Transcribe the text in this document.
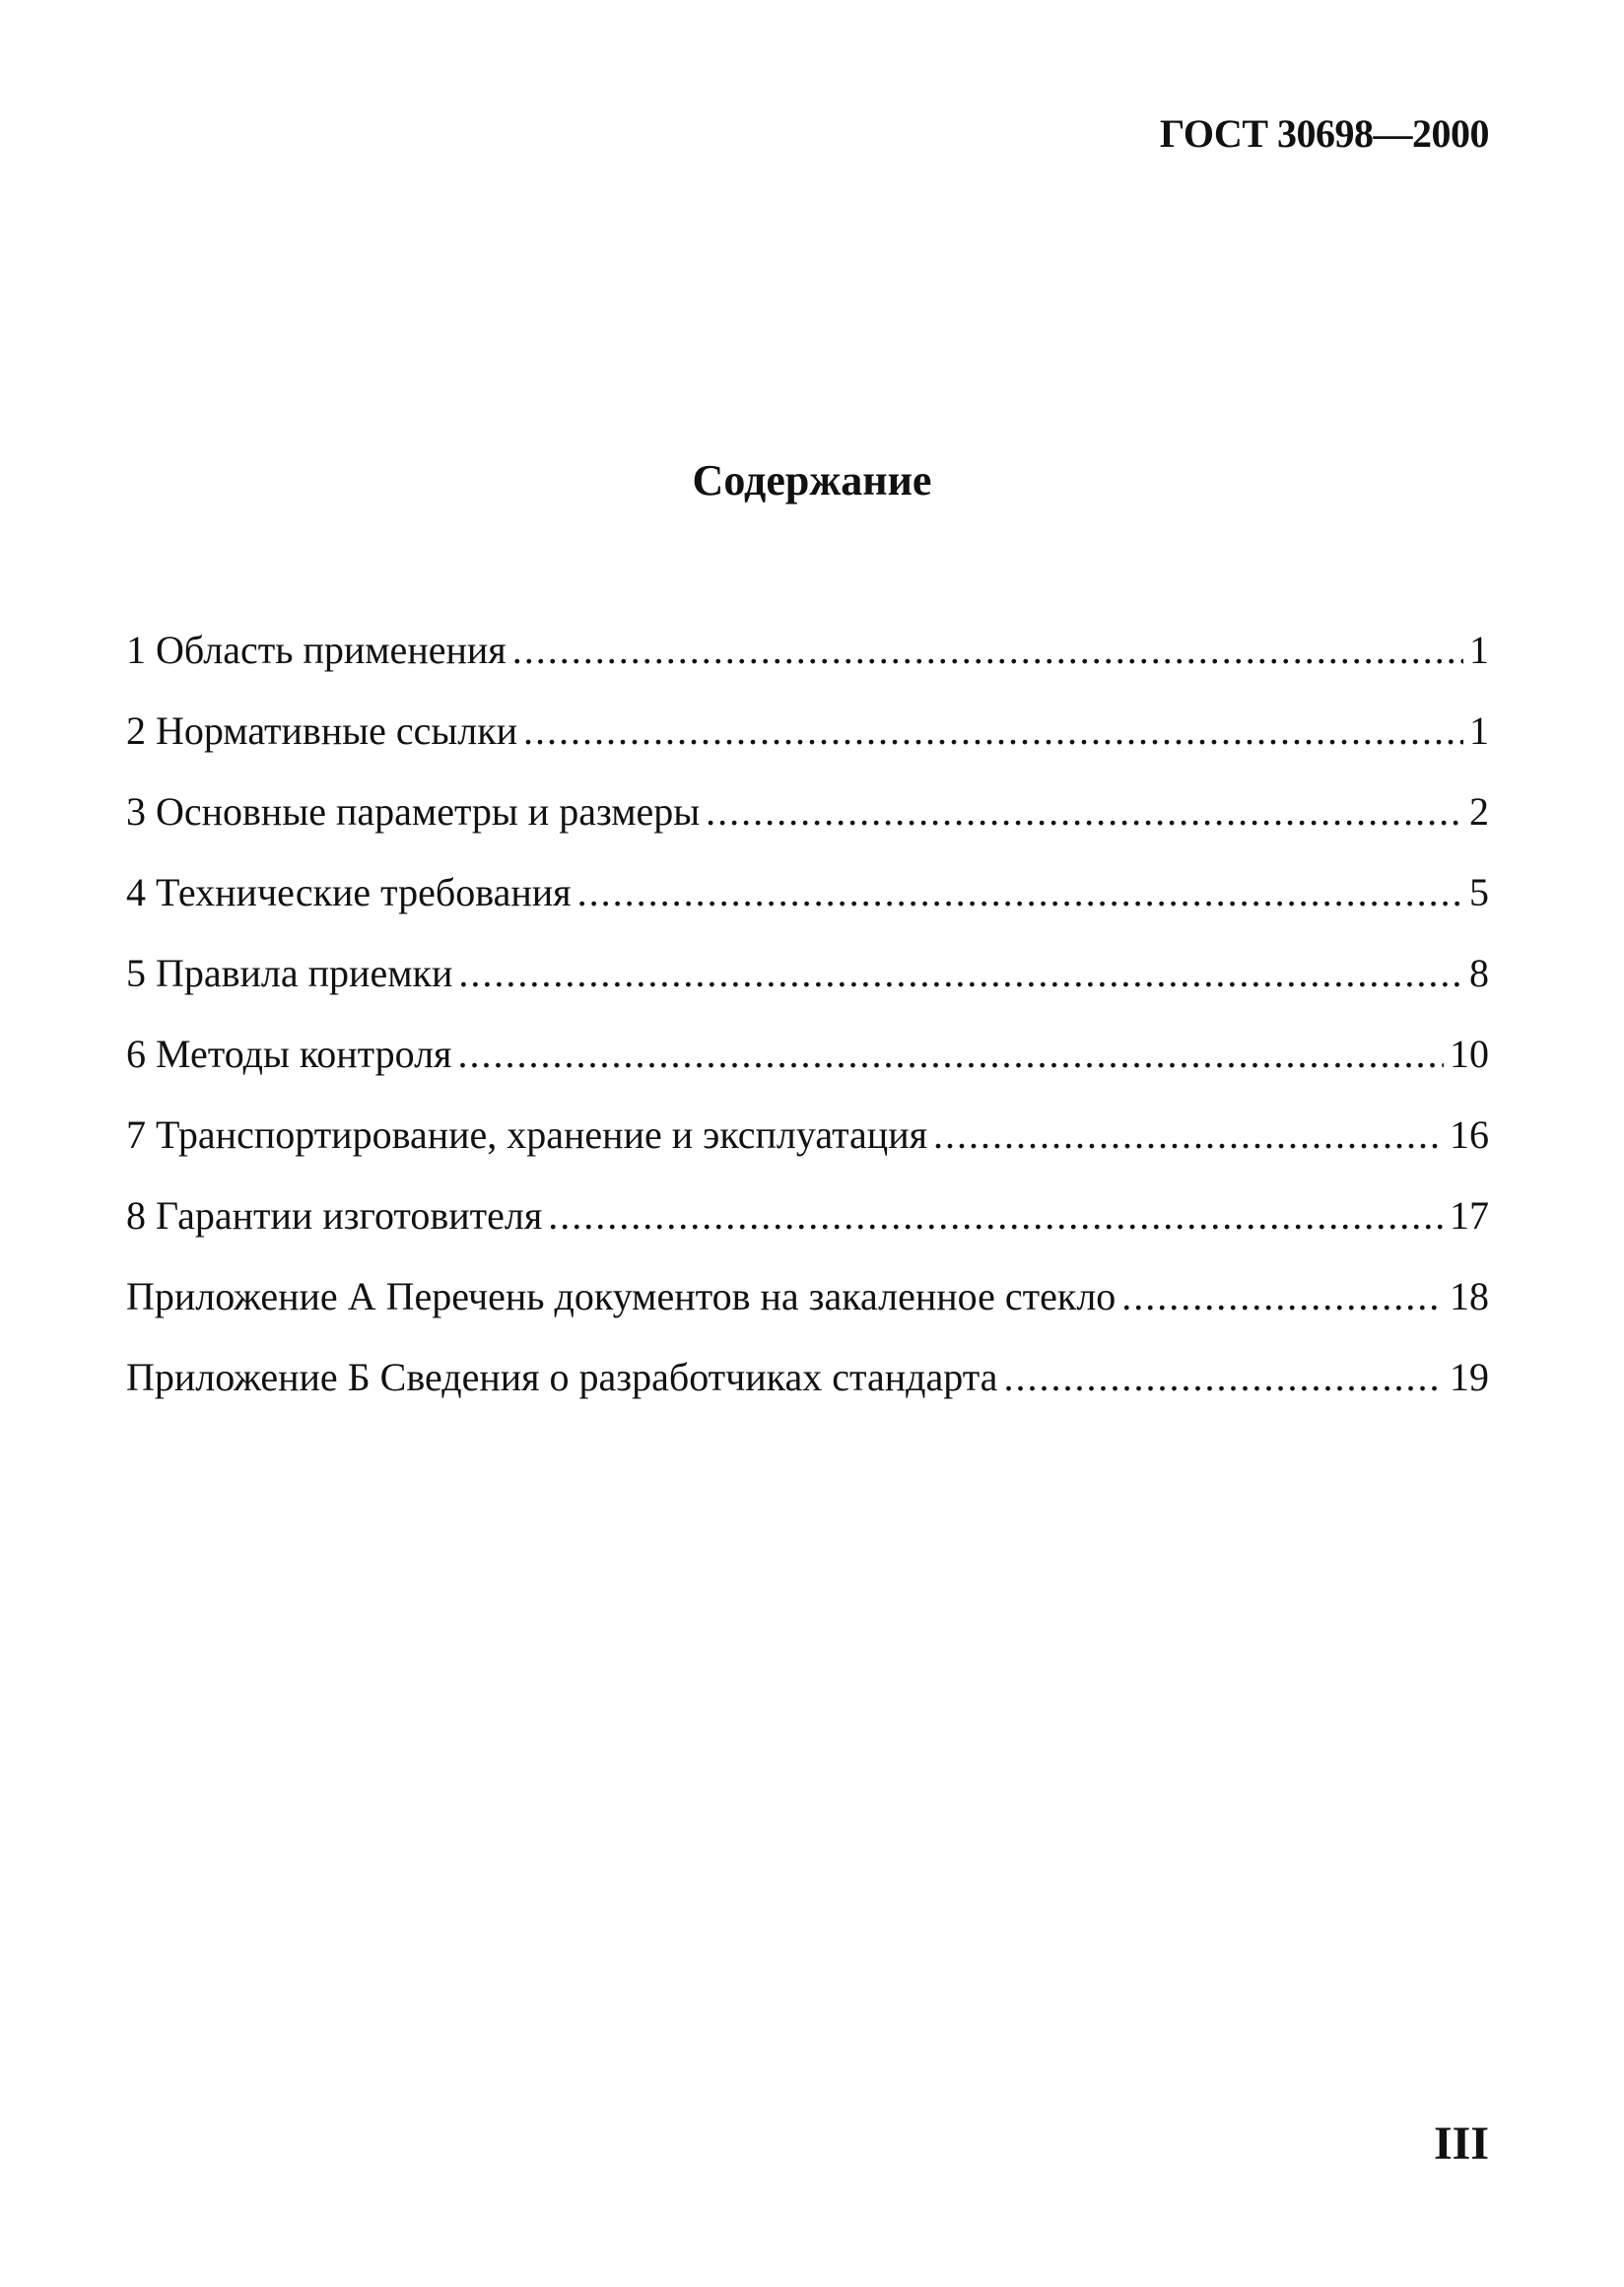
ГОСТ 30698—2000
Содержание
1 Область применения .....	1
2 Нормативные ссылки .....	1
3 Основные параметры и размеры .....	2
4 Технические требования .....	5
5 Правила приемки .....	8
6 Методы контроля .....	10
7 Транспортирование, хранение и эксплуатация .....	16
8 Гарантии изготовителя .....	17
Приложение А Перечень документов на закаленное стекло .....	18
Приложение Б Сведения о разработчиках стандарта .....	19
III
